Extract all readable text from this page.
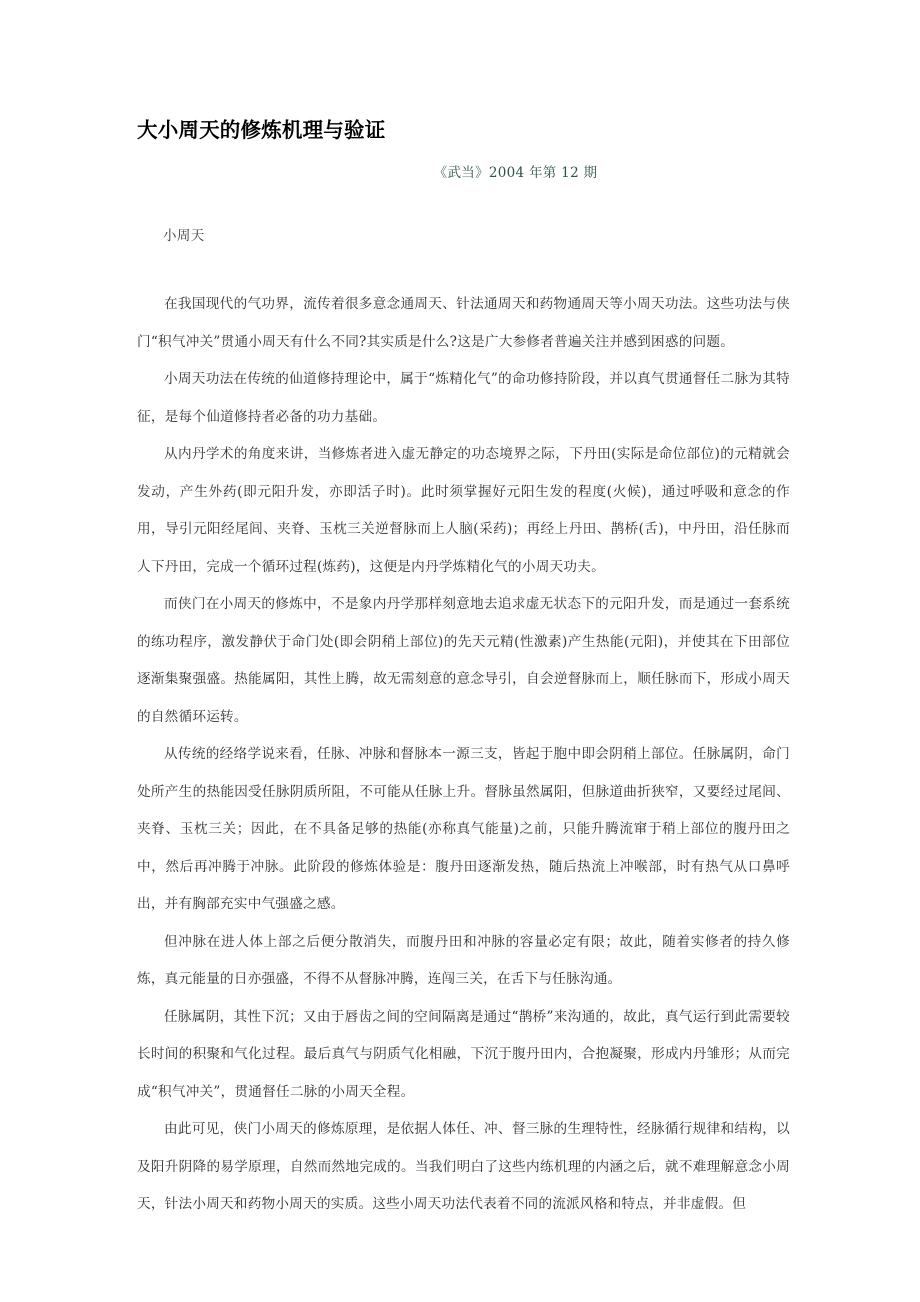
大小周天的修炼机理与验证
《武当》2004 年第 12 期
小周天

在我国现代的气功界，流传着很多意念通周天、针法通周天和药物通周天等小周天功法。这些功法与侠门“积气冲关”贯通小周天有什么不同?其实质是什么?这是广大参修者普遍关注并感到困惑的问题。

小周天功法在传统的仙道修持理论中，属于“炼精化气”的命功修持阶段，并以真气贯通督任二脉为其特征，是每个仙道修持者必备的功力基础。

从内丹学术的角度来讲，当修炼者进入虚无静定的功态境界之际，下丹田(实际是命位部位)的元精就会发动，产生外药(即元阳升发，亦即活子时)。此时须掌握好元阳生发的程度(火候)，通过呼吸和意念的作用，导引元阳经尾闾、夹脊、玉枕三关逆督脉而上人脑(采药)；再经上丹田、鹊桥(舌)，中丹田，沿任脉而人下丹田，完成一个循环过程(炼药)，这便是内丹学炼精化气的小周天功夫。

而侠门在小周天的修炼中，不是象内丹学那样刻意地去追求虚无状态下的元阳升发，而是通过一套系统的练功程序，激发静伏于命门处(即会阴稍上部位)的先天元精(性激素)产生热能(元阳)，并使其在下田部位逐渐集聚强盛。热能属阳，其性上腾，故无需刻意的意念导引，自会逆督脉而上，顺任脉而下，形成小周天的自然循环运转。

从传统的经络学说来看，任脉、冲脉和督脉本一源三支，皆起于胞中即会阴稍上部位。任脉属阴，命门处所产生的热能因受任脉阴质所阻，不可能从任脉上升。督脉虽然属阳，但脉道曲折狭窄，又要经过尾闾、夹脊、玉枕三关；因此，在不具备足够的热能(亦称真气能量)之前，只能升腾流窜于稍上部位的腹丹田之中，然后再冲腾于冲脉。此阶段的修炼体验是：腹丹田逐渐发热，随后热流上冲喉部，时有热气从口鼻呼出，并有胸部充实中气强盛之感。

但冲脉在进人体上部之后便分散消失，而腹丹田和冲脉的容量必定有限；故此，随着实修者的持久修炼，真元能量的日亦强盛，不得不从督脉冲腾，连闯三关，在舌下与任脉沟通。

任脉属阴，其性下沉；又由于唇齿之间的空间隔离是通过“鹊桥”来沟通的，故此，真气运行到此需要较长时间的积聚和气化过程。最后真气与阴质气化相融，下沉于腹丹田内，合抱凝聚，形成内丹雏形；从而完成“积气冲关”，贯通督任二脉的小周天全程。

由此可见，侠门小周天的修炼原理，是依据人体任、冲、督三脉的生理特性，经脉循行规律和结构，以及阳升阴降的易学原理，自然而然地完成的。当我们明白了这些内练机理的内涵之后，就不难理解意念小周天，针法小周天和药物小周天的实质。这些小周天功法代表着不同的流派风格和特点，并非虚假。但
